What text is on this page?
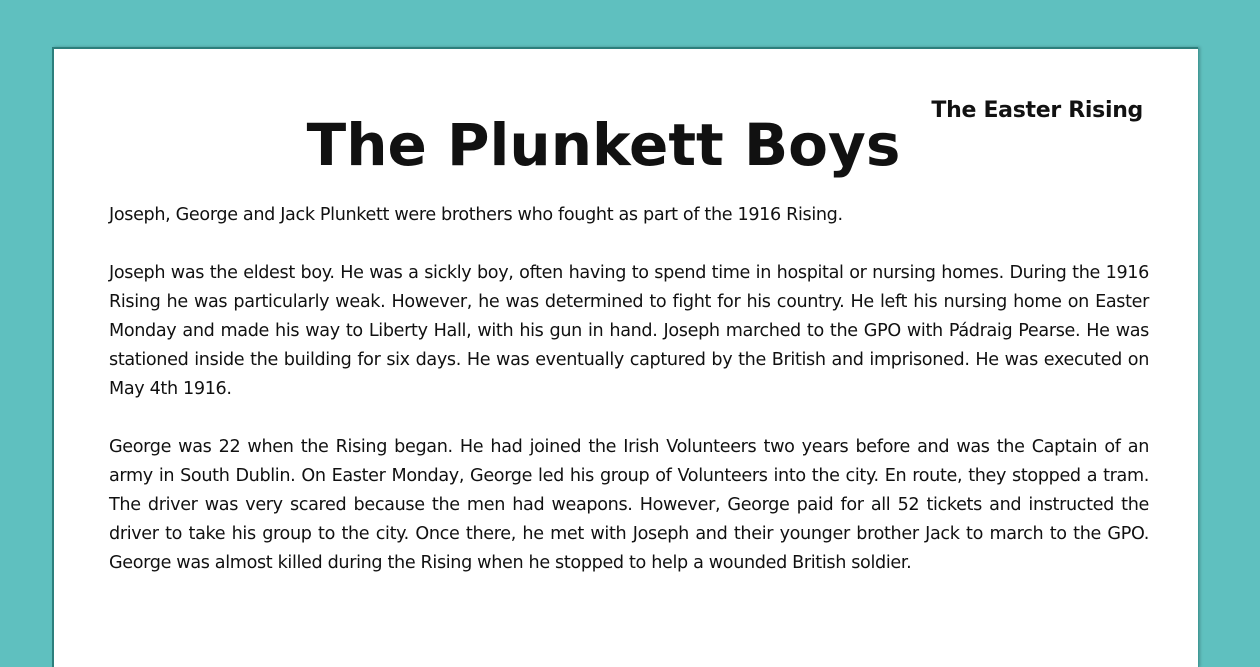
The Easter Rising
The Plunkett Boys

Joseph, George and Jack Plunkett were brothers who fought as part of the 1916 Rising.

Joseph was the eldest boy. He was a sickly boy, often having to spend time in hospital or nursing homes. During the 1916 Rising he was particularly weak. However, he was determined to fight for his country. He left his nursing home on Easter Monday and made his way to Liberty Hall, with his gun in hand. Joseph marched to the GPO with Pádraig Pearse. He was stationed inside the building for six days. He was eventually captured by the British and imprisoned. He was executed on May 4th 1916.

George was 22 when the Rising began. He had joined the Irish Volunteers two years before and was the Captain of an army in South Dublin. On Easter Monday, George led his group of Volunteers into the city. En route, they stopped a tram. The driver was very scared because the men had weapons. However, George paid for all 52 tickets and instructed the driver to take his group to the city. Once there, he met with Joseph and their younger brother Jack to march to the GPO. George was almost killed during the Rising when he stopped to help a wounded British soldier.
